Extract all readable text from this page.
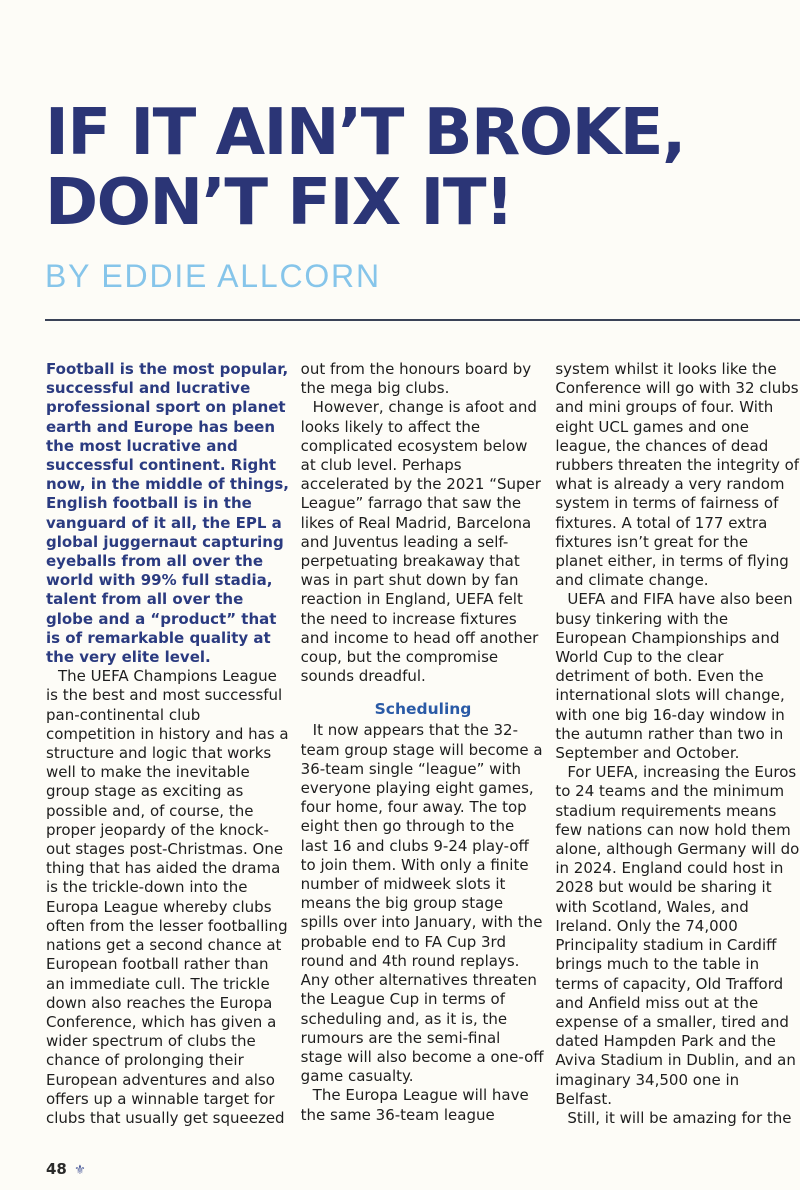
IF IT AIN’T BROKE,
DON’T FIX IT!
BY EDDIE ALLCORN

Football is the most popular, successful and lucrative professional sport on planet earth and Europe has been the most lucrative and successful continent. Right now, in the middle of things, English football is in the vanguard of it all, the EPL a global juggernaut capturing eyeballs from all over the world with 99% full stadia, talent from all over the globe and a “product” that is of remarkable quality at the very elite level.

The UEFA Champions League is the best and most successful pan-continental club competition in history and has a structure and logic that works well to make the inevitable group stage as exciting as possible and, of course, the proper jeopardy of the knock-out stages post-Christmas. One thing that has aided the drama is the trickle-down into the Europa League whereby clubs often from the lesser footballing nations get a second chance at European football rather than an immediate cull. The trickle down also reaches the Europa Conference, which has given a wider spectrum of clubs the chance of prolonging their European adventures and also offers up a winnable target for clubs that usually get squeezed

out from the honours board by the mega big clubs.

However, change is afoot and looks likely to affect the complicated ecosystem below at club level. Perhaps accelerated by the 2021 “Super League” farrago that saw the likes of Real Madrid, Barcelona and Juventus leading a self-perpetuating breakaway that was in part shut down by fan reaction in England, UEFA felt the need to increase fixtures and income to head off another coup, but the compromise sounds dreadful.

Scheduling

It now appears that the 32-team group stage will become a 36-team single “league” with everyone playing eight games, four home, four away. The top eight then go through to the last 16 and clubs 9-24 play-off to join them. With only a finite number of midweek slots it means the big group stage spills over into January, with the probable end to FA Cup 3rd round and 4th round replays. Any other alternatives threaten the League Cup in terms of scheduling and, as it is, the rumours are the semi-final stage will also become a one-off game casualty.

The Europa League will have the same 36-team league

system whilst it looks like the Conference will go with 32 clubs and mini groups of four. With eight UCL games and one league, the chances of dead rubbers threaten the integrity of what is already a very random system in terms of fairness of fixtures. A total of 177 extra fixtures isn’t great for the planet either, in terms of flying and climate change.

UEFA and FIFA have also been busy tinkering with the European Championships and World Cup to the clear detriment of both. Even the international slots will change, with one big 16-day window in the autumn rather than two in September and October.

For UEFA, increasing the Euros to 24 teams and the minimum stadium requirements means few nations can now hold them alone, although Germany will do in 2024. England could host in 2028 but would be sharing it with Scotland, Wales, and Ireland. Only the 74,000 Principality stadium in Cardiff brings much to the table in terms of capacity, Old Trafford and Anfield miss out at the expense of a smaller, tired and dated Hampden Park and the Aviva Stadium in Dublin, and an imaginary 34,500 one in Belfast.

Still, it will be amazing for the

48 ⚜
